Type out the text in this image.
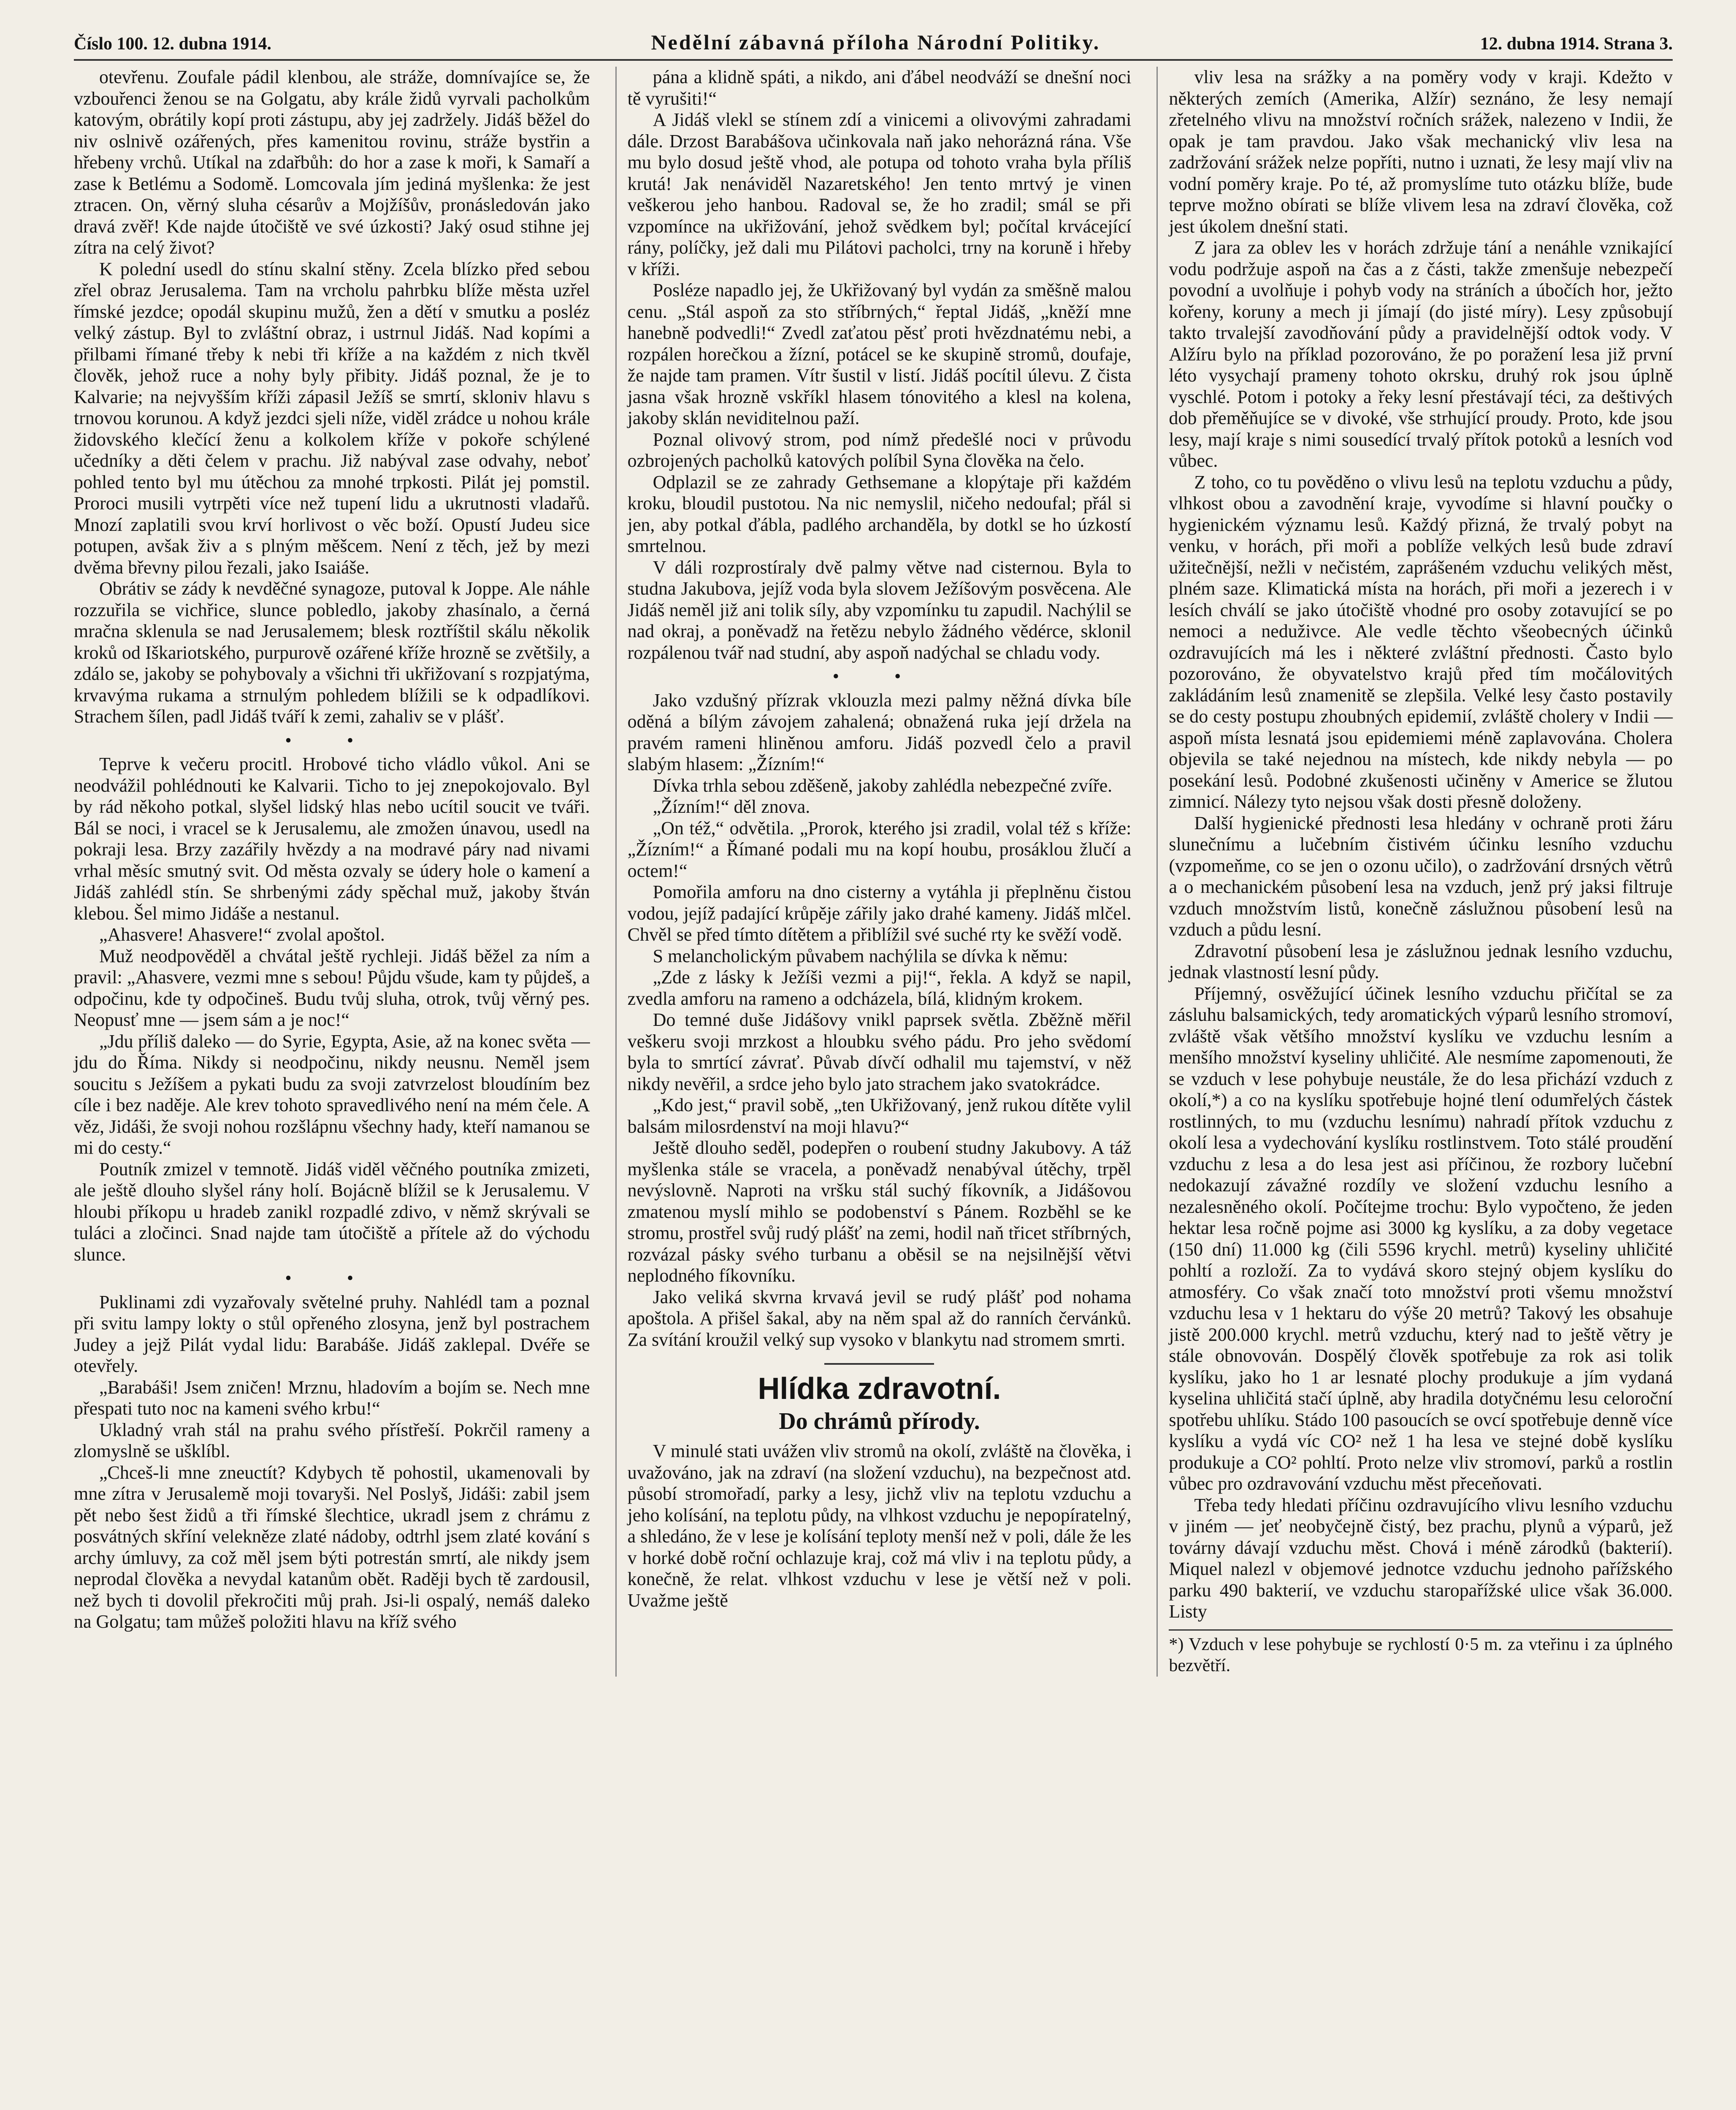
Číslo 100. 12. dubna 1914.	Nedělní zábavná příloha Národní Politiky.	12. dubna 1914. Strana 3.

otevřenu. Zoufale pádil klenbou, ale stráže, domnívajíce se, že vzbouřenci ženou se na Golgatu, aby krále židů vyrvali pacholkům katovým, obrátily kopí proti zástupu, aby jej zadržely. Jidáš běžel do niv oslnivě ozářených, přes kamenitou rovinu, stráže bystřin a hřebeny vrchů. Utíkal na zdařbůh: do hor a zase k moři, k Samaří a zase k Betlému a Sodomě. Lomcovala jím jediná myšlenka: že jest ztracen. On, věrný sluha césarův a Mojžíšův, pronásledován jako dravá zvěř! Kde najde útočiště ve své úzkosti? Jaký osud stihne jej zítra na celý život?

K polední usedl do stínu skalní stěny. Zcela blízko před sebou zřel obraz Jerusalema. Tam na vrcholu pahrbku blíže města uzřel římské jezdce; opodál skupinu mužů, žen a dětí v smutku a posléz velký zástup. Byl to zvláštní obraz, i ustrnul Jidáš. Nad kopími a přilbami římané třeby k nebi tři kříže a na každém z nich tkvěl člověk, jehož ruce a nohy byly přibity. Jidáš poznal, že je to Kalvarie; na nejvyšším kříži zápasil Ježíš se smrtí, skloniv hlavu s trnovou korunou. A když jezdci sjeli níže, viděl zrádce u nohou krále židovského klečící ženu a kolkolem kříže v pokoře schýlené učedníky a děti čelem v prachu. Již nabýval zase odvahy, neboť pohled tento byl mu útěchou za mnohé trpkosti. Pilát jej pomstil. Proroci musili vytrpěti více než tupení lidu a ukrutnosti vladařů. Mnozí zaplatili svou krví horlivost o věc boží. Opustí Judeu sice potupen, avšak živ a s plným měšcem. Není z těch, jež by mezi dvěma břevny pilou řezali, jako Isaiáše.

Obrátiv se zády k nevděčné synagoze, putoval k Joppe. Ale náhle rozzuřila se vichřice, slunce pobledlo, jakoby zhasínalo, a černá mračna sklenula se nad Jerusalemem; blesk roztříštil skálu několik kroků od Iškariotského, purpurově ozářené kříže hrozně se zvětšily, a zdálo se, jakoby se pohybovaly a všichni tři ukřižovaní s rozpjatýma, krvavýma rukama a strnulým pohledem blížili se k odpadlíkovi. Strachem šílen, padl Jidáš tváří k zemi, zahaliv se v plášť.

• •

Teprve k večeru procitl. Hrobové ticho vládlo vůkol. Ani se neodvážil pohlédnouti ke Kalvarii. Ticho to jej znepokojovalo. Byl by rád někoho potkal, slyšel lidský hlas nebo ucítil soucit ve tváři. Bál se noci, i vracel se k Jerusalemu, ale zmožen únavou, usedl na pokraji lesa. Brzy zazářily hvězdy a na modravé páry nad nivami vrhal měsíc smutný svit. Od města ozvaly se údery hole o kamení a Jidáš zahlédl stín. Se shrbenými zády spěchal muž, jakoby štván klebou. Šel mimo Jidáše a nestanul.

„Ahasvere! Ahasvere!“ zvolal apoštol.

Muž neodpověděl a chvátal ještě rychleji. Jidáš běžel za ním a pravil: „Ahasvere, vezmi mne s sebou! Půjdu všude, kam ty půjdeš, a odpočinu, kde ty odpočineš. Budu tvůj sluha, otrok, tvůj věrný pes. Neopusť mne — jsem sám a je noc!“

„Jdu příliš daleko — do Syrie, Egypta, Asie, až na konec světa — jdu do Říma. Nikdy si neodpočinu, nikdy neusnu. Neměl jsem soucitu s Ježíšem a pykati budu za svoji zatvrzelost bloudíním bez cíle i bez naděje. Ale krev tohoto spravedlivého není na mém čele. A věz, Jidáši, že svoji nohou rozšlápnu všechny hady, kteří namanou se mi do cesty.“

Poutník zmizel v temnotě. Jidáš viděl věčného poutníka zmizeti, ale ještě dlouho slyšel rány holí. Bojácně blížil se k Jerusalemu. V hloubi příkopu u hradeb zanikl rozpadlé zdivo, v němž skrývali se tuláci a zločinci. Snad najde tam útočiště a přítele až do východu slunce.

• •

Puklinami zdi vyzařovaly světelné pruhy. Nahlédl tam a poznal při svitu lampy lokty o stůl opřeného zlosyna, jenž byl postrachem Judey a jejž Pilát vydal lidu: Barabáše. Jidáš zaklepal. Dvéře se otevřely.

„Barabáši! Jsem zničen! Mrznu, hladovím a bojím se. Nech mne přespati tuto noc na kameni svého krbu!“

Ukladný vrah stál na prahu svého přístřeší. Pokrčil rameny a zlomyslně se ušklíbl.

„Chceš-li mne zneuctít? Kdybych tě pohostil, ukamenovali by mne zítra v Jerusalemě moji tovaryši. Nel Poslyš, Jidáši: zabil jsem pět nebo šest židů a tři římské šlechtice, ukradl jsem z chrámu z posvátných skříní velekněze zlaté nádoby, odtrhl jsem zlaté kování s archy úmluvy, za což měl jsem býti potrestán smrtí, ale nikdy jsem neprodal člověka a nevydal katanům obět. Raději bych tě zardousil, než bych ti dovolil překročiti můj prah. Jsi-li ospalý, nemáš daleko na Golgatu; tam můžeš položiti hlavu na kříž svého

pána a klidně spáti, a nikdo, ani ďábel neodváží se dnešní noci tě vyrušiti!“

A Jidáš vlekl se stínem zdí a vinicemi a olivovými zahradami dále. Drzost Barabášova učinkovala naň jako nehorázná rána. Vše mu bylo dosud ještě vhod, ale potupa od tohoto vraha byla příliš krutá! Jak nenáviděl Nazaretského! Jen tento mrtvý je vinen veškerou jeho hanbou. Radoval se, že ho zradil; smál se při vzpomínce na ukřižování, jehož svědkem byl; počítal krvácející rány, políčky, jež dali mu Pilátovi pacholci, trny na koruně i hřeby v kříži.

Posléze napadlo jej, že Ukřižovaný byl vydán za směšně malou cenu. „Stál aspoň za sto stříbrných,“ řeptal Jidáš, „kněží mne hanebně podvedli!“ Zvedl zaťatou pěsť proti hvězdnatému nebi, a rozpálen horečkou a žízní, potácel se ke skupině stromů, doufaje, že najde tam pramen. Vítr šustil v listí. Jidáš pocítil úlevu. Z čista jasna však hrozně vskříkl hlasem tónovitého a klesl na kolena, jakoby sklán neviditelnou paží.

Poznal olivový strom, pod nímž předešlé noci v průvodu ozbrojených pacholků katových políbil Syna člověka na čelo.

Odplazil se ze zahrady Gethsemane a klopýtaje při každém kroku, bloudil pustotou. Na nic nemyslil, ničeho nedoufal; přál si jen, aby potkal ďábla, padlého archanděla, by dotkl se ho úzkostí smrtelnou.

V dáli rozprostíraly dvě palmy větve nad cisternou. Byla to studna Jakubova, jejíž voda byla slovem Ježíšovým posvěcena. Ale Jidáš neměl již ani tolik síly, aby vzpomínku tu zapudil. Nachýlil se nad okraj, a poněvadž na řetězu nebylo žádného vědérce, sklonil rozpálenou tvář nad studní, aby aspoň nadýchal se chladu vody.

• •

Jako vzdušný přízrak vklouzla mezi palmy něžná dívka bíle oděná a bílým závojem zahalená; obnažená ruka její držela na pravém rameni hliněnou amforu. Jidáš pozvedl čelo a pravil slabým hlasem: „Žízním!“

Dívka trhla sebou zděšeně, jakoby zahlédla nebezpečné zvíře.

„Žízním!“ děl znova.

„On též,“ odvětila. „Prorok, kterého jsi zradil, volal též s kříže: „Žízním!“ a Římané podali mu na kopí houbu, prosáklou žlučí a octem!“

Pomořila amforu na dno cisterny a vytáhla ji přeplněnu čistou vodou, jejíž padající krůpěje zářily jako drahé kameny. Jidáš mlčel. Chvěl se před tímto dítětem a přiblížil své suché rty ke svěží vodě.

S melancholickým půvabem nachýlila se dívka k němu:

„Zde z lásky k Ježíši vezmi a pij!“, řekla. A když se napil, zvedla amforu na rameno a odcházela, bílá, klidným krokem.

Do temné duše Jidášovy vnikl paprsek světla. Zběžně měřil veškeru svoji mrzkost a hloubku svého pádu. Pro jeho svědomí byla to smrtící závrať. Půvab dívčí odhalil mu tajemství, v něž nikdy nevěřil, a srdce jeho bylo jato strachem jako svatokrádce.

„Kdo jest,“ pravil sobě, „ten Ukřižovaný, jenž rukou dítěte vylil balsám milosrdenství na moji hlavu?“

Ještě dlouho seděl, podepřen o roubení studny Jakubovy. A táž myšlenka stále se vracela, a poněvadž nenabýval útěchy, trpěl nevýslovně. Naproti na vršku stál suchý fíkovník, a Jidášovou zmatenou myslí mihlo se podobenství s Pánem. Rozběhl se ke stromu, prostřel svůj rudý plášť na zemi, hodil naň třicet stříbrných, rozvázal pásky svého turbanu a oběsil se na nejsilnější větvi neplodného fíkovníku.

Jako veliká skvrna krvavá jevil se rudý plášť pod nohama apoštola. A přišel šakal, aby na něm spal až do ranních červánků. Za svítání kroužil velký sup vysoko v blankytu nad stromem smrti.

Hlídka zdravotní.
Do chrámů přírody.

V minulé stati uvážen vliv stromů na okolí, zvláště na člověka, i uvažováno, jak na zdraví (na složení vzduchu), na bezpečnost atd. působí stromořadí, parky a lesy, jichž vliv na teplotu vzduchu a jeho kolísání, na teplotu půdy, na vlhkost vzduchu je nepopíratelný, a shledáno, že v lese je kolísání teploty menší než v poli, dále že les v horké době roční ochlazuje kraj, což má vliv i na teplotu půdy, a konečně, že relat. vlhkost vzduchu v lese je větší než v poli. Uvažme ještě

vliv lesa na srážky a na poměry vody v kraji. Kdežto v některých zemích (Amerika, Alžír) seznáno, že lesy nemají zřetelného vlivu na množství ročních srážek, nalezeno v Indii, že opak je tam pravdou. Jako však mechanický vliv lesa na zadržování srážek nelze popříti, nutno i uznati, že lesy mají vliv na vodní poměry kraje. Po té, až promyslíme tuto otázku blíže, bude teprve možno obírati se blíže vlivem lesa na zdraví člověka, což jest úkolem dnešní stati.

Z jara za oblev les v horách zdržuje tání a nenáhle vznikající vodu podržuje aspoň na čas a z části, takže zmenšuje nebezpečí povodní a uvolňuje i pohyb vody na stráních a úbočích hor, ježto kořeny, koruny a mech ji jímají (do jisté míry). Lesy způsobují takto trvalejší zavodňování půdy a pravidelnější odtok vody. V Alžíru bylo na příklad pozorováno, že po poražení lesa již první léto vysychají prameny tohoto okrsku, druhý rok jsou úplně vyschlé. Potom i potoky a řeky lesní přestávají téci, za deštivých dob přeměňujíce se v divoké, vše strhující proudy. Proto, kde jsou lesy, mají kraje s nimi sousedící trvalý přítok potoků a lesních vod vůbec.

Z toho, co tu pověděno o vlivu lesů na teplotu vzduchu a půdy, vlhkost obou a zavodnění kraje, vyvodíme si hlavní poučky o hygienickém významu lesů. Každý přizná, že trvalý pobyt na venku, v horách, při moři a poblíže velkých lesů bude zdraví užitečnější, nežli v nečistém, zaprášeném vzduchu velikých měst, plném saze. Klimatická místa na horách, při moři a jezerech i v lesích chválí se jako útočiště vhodné pro osoby zotavující se po nemoci a neduživce. Ale vedle těchto všeobecných účinků ozdravujících má les i některé zvláštní přednosti. Často bylo pozorováno, že obyvatelstvo krajů před tím močálovitých zakládáním lesů znamenitě se zlepšila. Velké lesy často postavily se do cesty postupu zhoubných epidemií, zvláště cholery v Indii — aspoň místa lesnatá jsou epidemiemi méně zaplavována. Cholera objevila se také nejednou na místech, kde nikdy nebyla — po posekání lesů. Podobné zkušenosti učiněny v Americe se žlutou zimnicí. Nálezy tyto nejsou však dosti přesně doloženy.

Další hygienické přednosti lesa hledány v ochraně proti žáru slunečnímu a lučebním čistivém účinku lesního vzduchu (vzpomeňme, co se jen o ozonu učilo), o zadržování drsných větrů a o mechanickém působení lesa na vzduch, jenž prý jaksi filtruje vzduch množstvím listů, konečně záslužnou působení lesů na vzduch a půdu lesní.

Zdravotní působení lesa je záslužnou jednak lesního vzduchu, jednak vlastností lesní půdy.

Příjemný, osvěžující účinek lesního vzduchu přičítal se za zásluhu balsamických, tedy aromatických výparů lesního stromoví, zvláště však většího množství kyslíku ve vzduchu lesním a menšího množství kyseliny uhličité. Ale nesmíme zapomenouti, že se vzduch v lese pohybuje neustále, že do lesa přichází vzduch z okolí,*) a co na kyslíku spotřebuje hojné tlení odumřelých částek rostlinných, to mu (vzduchu lesnímu) nahradí přítok vzduchu z okolí lesa a vydechování kyslíku rostlinstvem. Toto stálé proudění vzduchu z lesa a do lesa jest asi příčinou, že rozbory lučební nedokazují závažné rozdíly ve složení vzduchu lesního a nezalesněného okolí. Počítejme trochu: Bylo vypočteno, že jeden hektar lesa ročně pojme asi 3000 kg kyslíku, a za doby vegetace (150 dní) 11.000 kg (čili 5596 krychl. metrů) kyseliny uhličité pohltí a rozloží. Za to vydává skoro stejný objem kyslíku do atmosféry. Co však značí toto množství proti všemu množství vzduchu lesa v 1 hektaru do výše 20 metrů? Takový les obsahuje jistě 200.000 krychl. metrů vzduchu, který nad to ještě větry je stále obnovován. Dospělý člověk spotřebuje za rok asi tolik kyslíku, jako ho 1 ar lesnaté plochy produkuje a jím vydaná kyselina uhličitá stačí úplně, aby hradila dotyčnému lesu celoroční spotřebu uhlíku. Stádo 100 pasoucích se ovcí spotřebuje denně více kyslíku a vydá víc CO² než 1 ha lesa ve stejné době kyslíku produkuje a CO² pohltí. Proto nelze vliv stromoví, parků a rostlin vůbec pro ozdravování vzduchu měst přeceňovati.

Třeba tedy hledati příčinu ozdravujícího vlivu lesního vzduchu v jiném — jeť neobyčejně čistý, bez prachu, plynů a výparů, jež továrny dávají vzduchu měst. Chová i méně zárodků (bakterií). Miquel nalezl v objemové jednotce vzduchu jednoho pařížského parku 490 bakterií, ve vzduchu staropařížské ulice však 36.000. Listy

*) Vzduch v lese pohybuje se rychlostí 0·5 m. za vteřinu i za úplného bezvětří.
